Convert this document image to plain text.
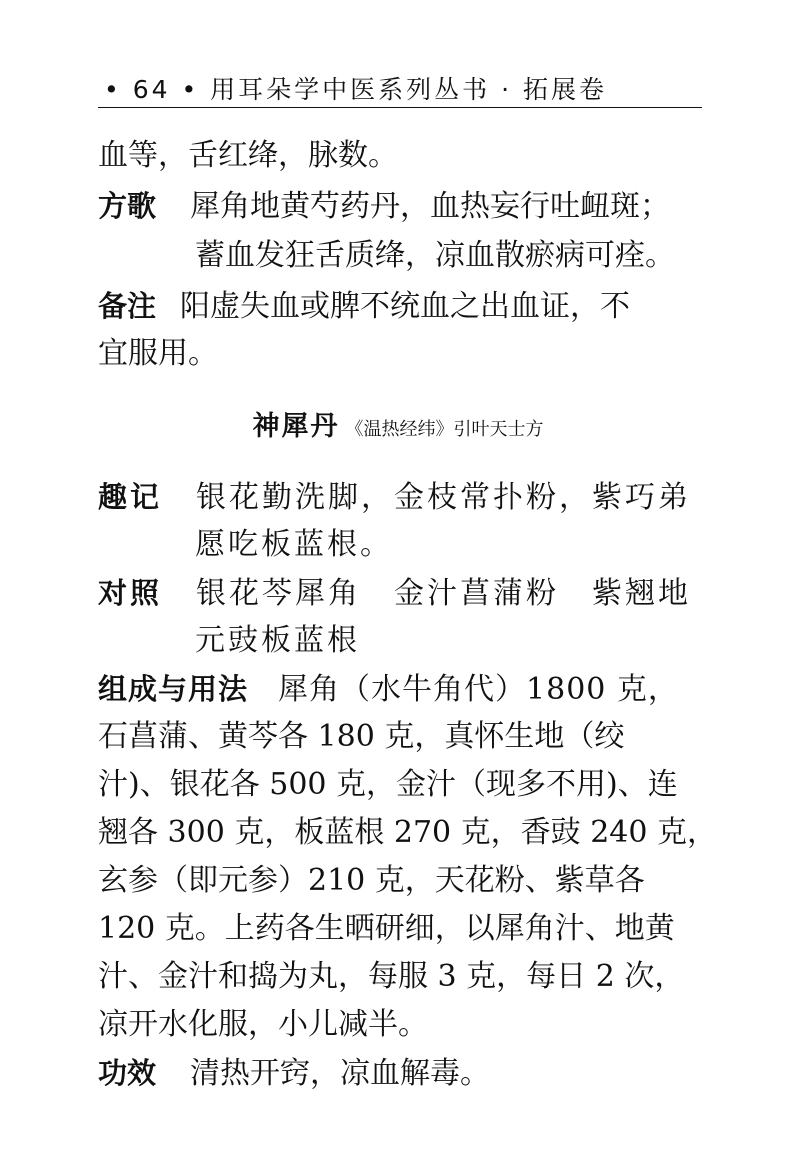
• 64 • 用耳朵学中医系列丛书 · 拓展卷
血等，舌红绛，脉数。
方歌 犀角地黄芍药丹，血热妄行吐衄斑；
蓄血发狂舌质绛，凉血散瘀病可痊。
备注 阳虚失血或脾不统血之出血证，不
宜服用。
神犀丹 《温热经纬》引叶天士方
趣记 银花勤洗脚，金枝常扑粉，紫巧弟
愿吃板蓝根。
对照 银花芩犀角　金汁菖蒲粉　紫翘地
元豉板蓝根
组成与用法 犀角（水牛角代）1800 克，
石菖蒲、黄芩各 180 克，真怀生地（绞
汁)、银花各 500 克，金汁（现多不用)、连
翘各 300 克，板蓝根 270 克，香豉 240 克，
玄参（即元参）210 克，天花粉、紫草各
120 克。上药各生晒研细，以犀角汁、地黄
汁、金汁和捣为丸，每服 3 克，每日 2 次，
凉开水化服，小儿减半。
功效 清热开窍，凉血解毒。
